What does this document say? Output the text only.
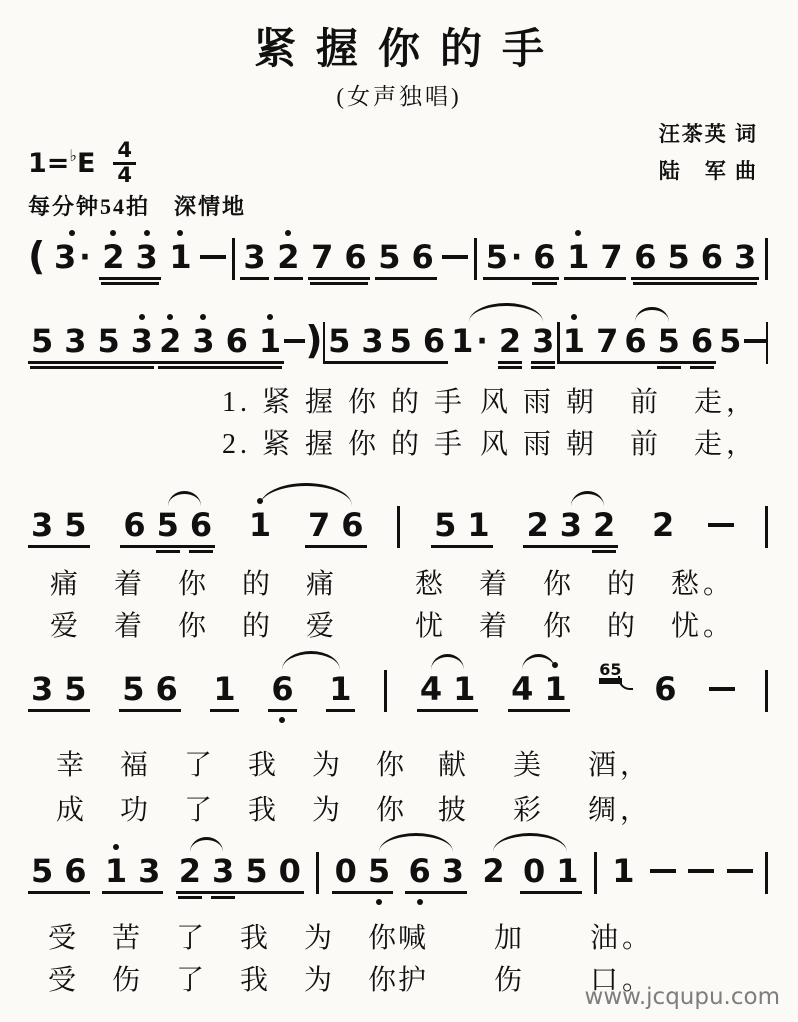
紧握你的手
(女声独唱)
汪茶英 词
陆　军 曲
1=♭ E 4
4
每分钟54拍　深情地
( 3 · 2 3 1 3 2 7 6 5 6 5 · 6 1 7 6 5 6 3
5 3 5 3 2 3 6 1 ) 5 3 5 6 1 · 2 3 1 7 6 5 6 5
3 5 6 5 6 1 7 6 5 1 2 3 2 2
3 5 5 6 1 6 1 4 1 4 1
65
6
5 6 1 3 2 3 5 0 0 5 6 3 2 0 1 1
1. 紧 握 你 的 手 风 雨 朝　前　走，
2. 紧 握 你 的 手 风 雨 朝　前　走，
痛　着　你　的　痛	愁　着　你　的　愁。
爱　着　你　的　爱	忧　着　你　的　忧。
幸　福　了　我　为　你 献　 美　 酒，
成　功　了　我　为　你 披　 彩　 绸，
受　苦　了　我　为　你
喊　　加　　油。
受　伤　了　我　为　你
护　　伤　　口。
www.jcqupu.com
